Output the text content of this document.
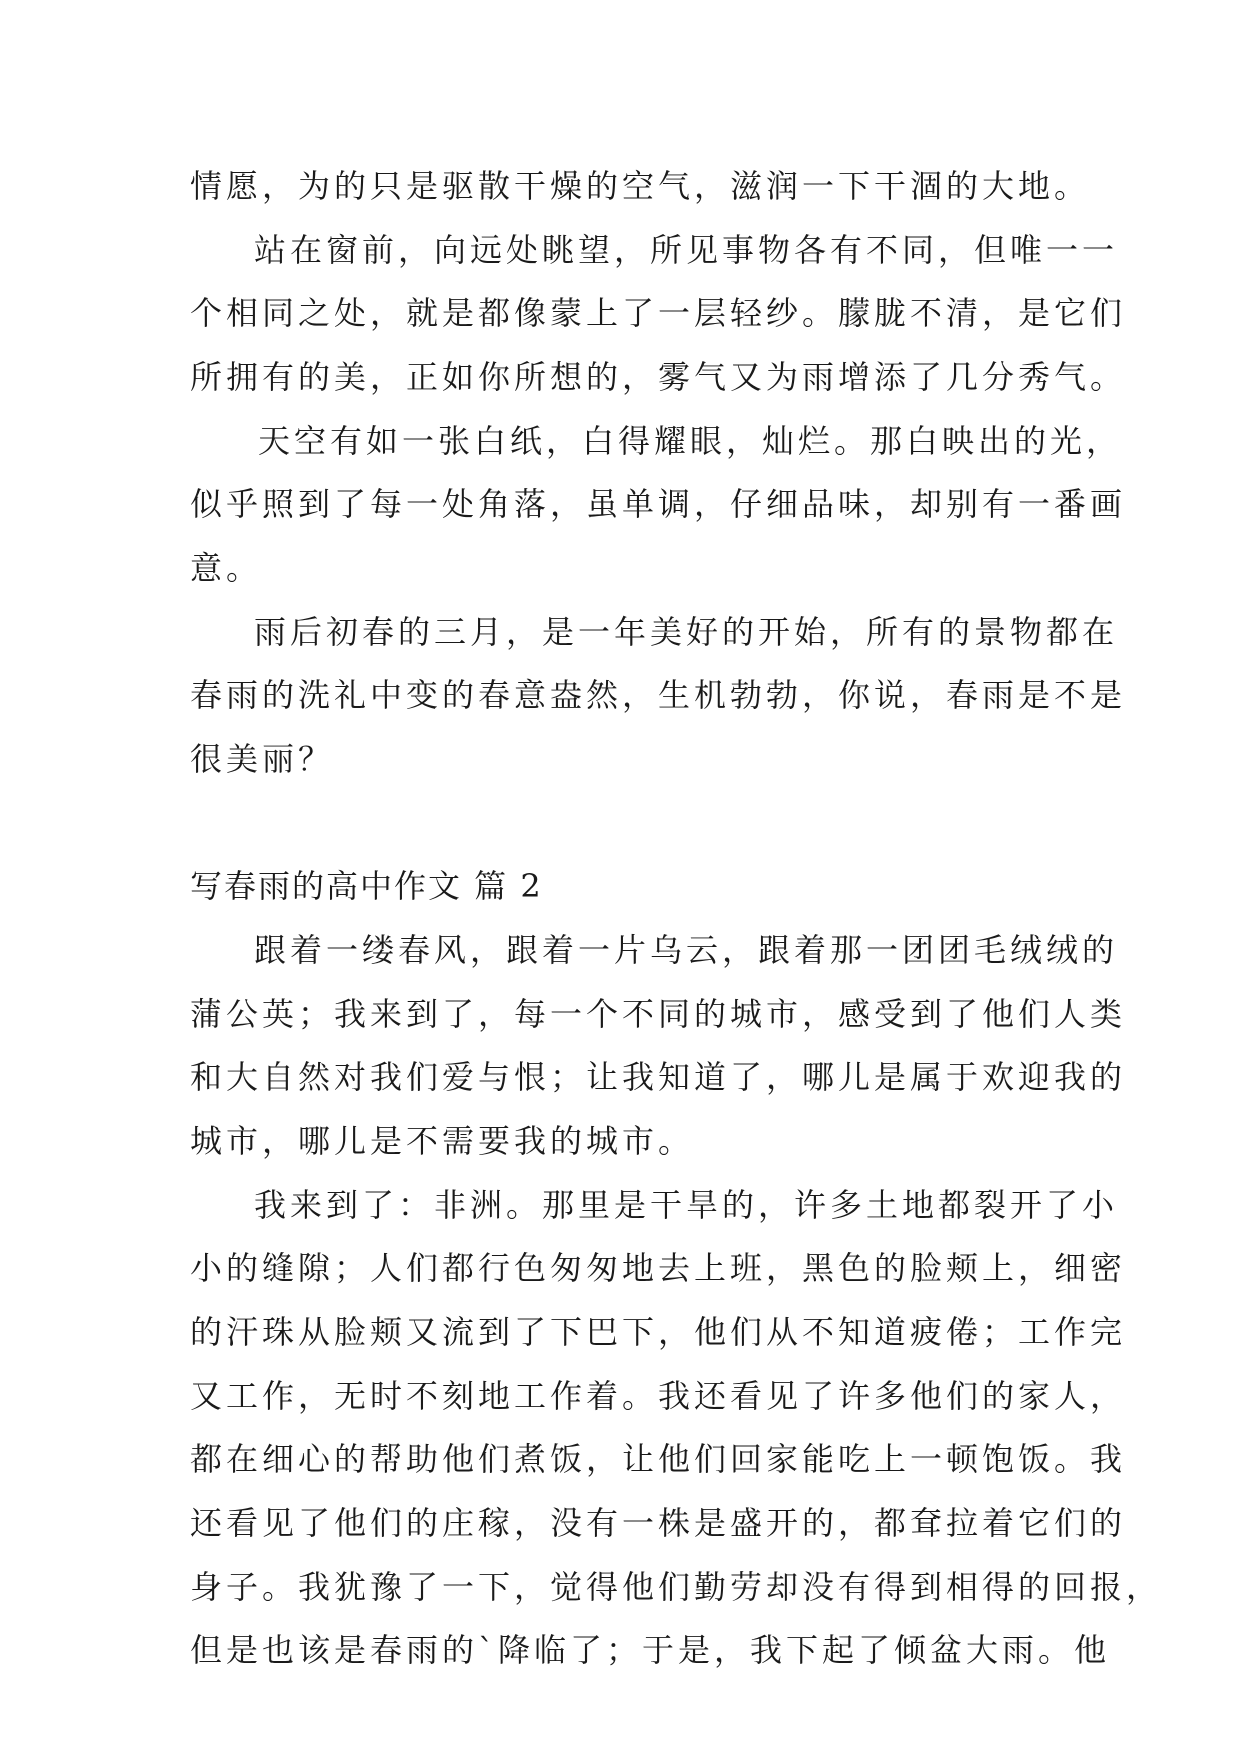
情愿，为的只是驱散干燥的空气，滋润一下干涸的大地。
站在窗前，向远处眺望，所见事物各有不同，但唯一一
个相同之处，就是都像蒙上了一层轻纱。朦胧不清，是它们
所拥有的美，正如你所想的，雾气又为雨增添了几分秀气。
天空有如一张白纸，白得耀眼，灿烂。那白映出的光，
似乎照到了每一处角落，虽单调，仔细品味，却别有一番画
意。
雨后初春的三月，是一年美好的开始，所有的景物都在
春雨的洗礼中变的春意盎然，生机勃勃，你说，春雨是不是
很美丽？
写春雨的高中作文 篇 2
跟着一缕春风，跟着一片乌云，跟着那一团团毛绒绒的
蒲公英；我来到了，每一个不同的城市，感受到了他们人类
和大自然对我们爱与恨；让我知道了，哪儿是属于欢迎我的
城市，哪儿是不需要我的城市。
我来到了：非洲。那里是干旱的，许多土地都裂开了小
小的缝隙；人们都行色匆匆地去上班，黑色的脸颊上，细密
的汗珠从脸颊又流到了下巴下，他们从不知道疲倦；工作完
又工作，无时不刻地工作着。我还看见了许多他们的家人，
都在细心的帮助他们煮饭，让他们回家能吃上一顿饱饭。我
还看见了他们的庄稼，没有一株是盛开的，都耷拉着它们的
身子。我犹豫了一下，觉得他们勤劳却没有得到相得的回报，
但是也该是春雨的`降临了；于是，我下起了倾盆大雨。他
